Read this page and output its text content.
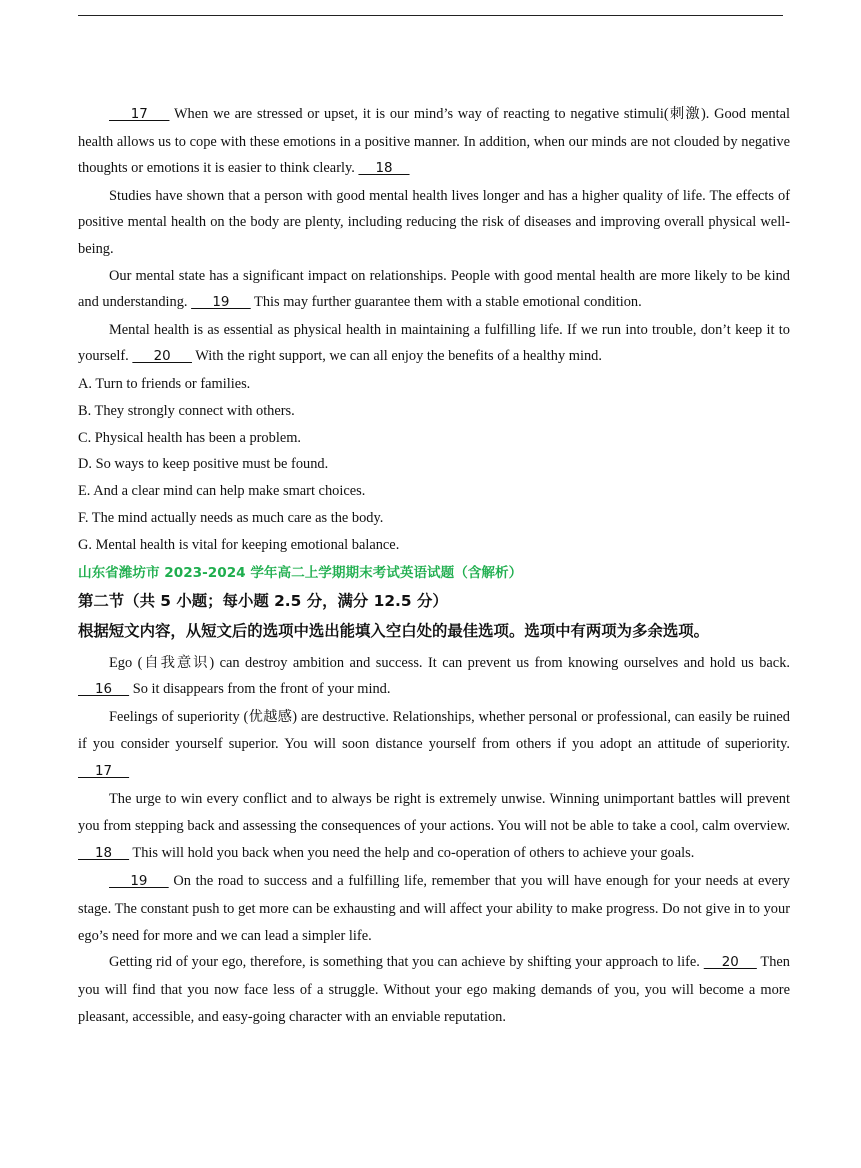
17     When we are stressed or upset, it is our mind’s way of reacting to negative stimuli(刺激). Good mental health allows us to cope with these emotions in a positive manner. In addition, when our minds are not clouded by negative thoughts or emotions it is easier to think clearly.     18

Studies have shown that a person with good mental health lives longer and has a higher quality of life. The effects of positive mental health on the body are plenty, including reducing the risk of diseases and improving overall physical well-being.

Our mental state has a significant impact on relationships. People with good mental health are more likely to be kind and understanding.      19      This may further guarantee them with a stable emotional condition.

Mental health is as essential as physical health in maintaining a fulfilling life. If we run into trouble, don’t keep it to yourself.      20      With the right support, we can all enjoy the benefits of a healthy mind.

A. Turn to friends or families.

B. They strongly connect with others.

C. Physical health has been a problem.

D. So ways to keep positive must be found.

E. And a clear mind can help make smart choices.

F. The mind actually needs as much care as the body.

G. Mental health is vital for keeping emotional balance.

山东省潍坊市 2023-2024 学年高二上学期期末考试英语试题（含解析）

第二节（共 5 小题；每小题 2.5 分，满分 12.5 分）

根据短文内容，从短文后的选项中选出能填入空白处的最佳选项。选项中有两项为多余选项。

Ego (自我意识) can destroy ambition and success. It can prevent us from knowing ourselves and hold us back.     16     So it disappears from the front of your mind.

Feelings of superiority (优越感) are destructive. Relationships, whether personal or professional, can easily be ruined if you consider yourself superior. You will soon distance yourself from others if you adopt an attitude of superiority.     17

The urge to win every conflict and to always be right is extremely unwise. Winning unimportant battles will prevent you from stepping back and assessing the consequences of your actions. You will not be able to take a cool, calm overview.     18     This will hold you back when you need the help and co-operation of others to achieve your goals.

19     On the road to success and a fulfilling life, remember that you will have enough for your needs at every stage. The constant push to get more can be exhausting and will affect your ability to make progress. Do not give in to your ego’s need for more and we can lead a simpler life.

Getting rid of your ego, therefore, is something that you can achieve by shifting your approach to life.     20     Then you will find that you now face less of a struggle. Without your ego making demands of you, you will become a more pleasant, accessible, and easy-going character with an enviable reputation.
